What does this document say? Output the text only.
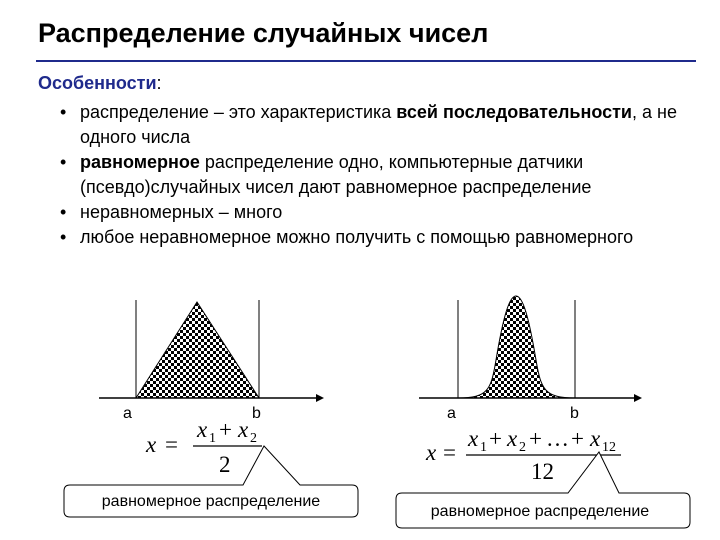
Распределение случайных чисел
Особенности:
• распределение – это характеристика всей последовательности, а не одного числа
• равномерное распределение одно, компьютерные датчики (псевдо)случайных чисел дают равномерное распределение
• неравномерных – много
• любое неравномерное можно получить с помощью равномерного
a	b
x =
x 1 + x 2
2
равномерное распределение
a	b
x =
x 1 + x 2 + … + x 12
12
равномерное распределение
